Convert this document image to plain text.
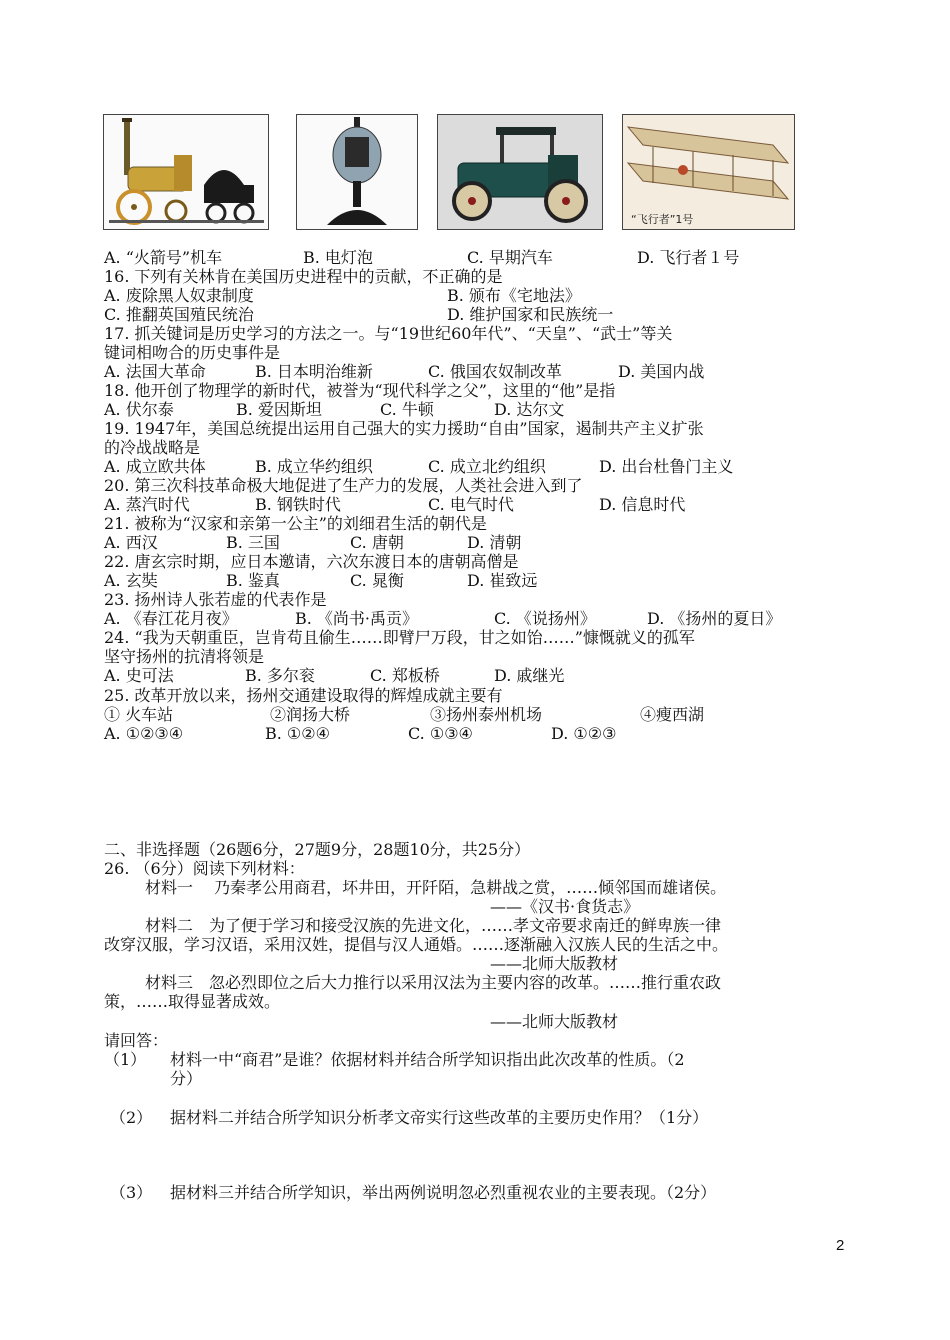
“飞行者”1号
A. “火箭号”机车	B. 电灯泡	C. 早期汽车	D. 飞行者１号
16. 下列有关林肯在美国历史进程中的贡献，不正确的是
A. 废除黑人奴隶制度	B. 颁布《宅地法》
C. 推翻英国殖民统治	D. 维护国家和民族统一
17. 抓关键词是历史学习的方法之一。与“19世纪60年代”、“天皇”、“武士”等关
键词相吻合的历史事件是
A. 法国大革命	B. 日本明治维新	C. 俄国农奴制改革	D. 美国内战
18. 他开创了物理学的新时代，被誉为“现代科学之父”，这里的“他”是指
A. 伏尔泰	B. 爱因斯坦	C. 牛顿	D. 达尔文
19. 1947年，美国总统提出运用自己强大的实力援助“自由”国家，遏制共产主义扩张
的冷战战略是
A. 成立欧共体	B. 成立华约组织	C. 成立北约组织	D. 出台杜鲁门主义
20. 第三次科技革命极大地促进了生产力的发展，人类社会进入到了
A. 蒸汽时代	B. 钢铁时代	C. 电气时代	D. 信息时代
21. 被称为“汉家和亲第一公主”的刘细君生活的朝代是
A. 西汉	B. 三国	C. 唐朝	D. 清朝
22. 唐玄宗时期，应日本邀请，六次东渡日本的唐朝高僧是
A. 玄奘	B. 鉴真	C. 晁衡	D. 崔致远
23. 扬州诗人张若虚的代表作是
A. 《春江花月夜》	B. 《尚书·禹贡》	C. 《说扬州》	D. 《扬州的夏日》
24. “我为天朝重臣，岂肯苟且偷生……即臂尸万段，甘之如饴……”慷慨就义的孤军
坚守扬州的抗清将领是
A. 史可法	B. 多尔衮	C. 郑板桥	D. 戚继光
25. 改革开放以来，扬州交通建设取得的辉煌成就主要有
① 火车站	②润扬大桥	③扬州泰州机场	④瘦西湖
A. ①②③④	B. ①②④	C. ①③④	D. ①②③
二、非选择题（26题6分，27题9分，28题10分，共25分）
26. （6分）阅读下列材料：
材料一　 乃秦孝公用商君，坏井田，开阡陌，急耕战之赏，……倾邻国而雄诸侯。
——《汉书·食货志》
材料二　为了便于学习和接受汉族的先进文化，……孝文帝要求南迁的鲜卑族一律
改穿汉服，学习汉语，采用汉姓，提倡与汉人通婚。……逐渐融入汉族人民的生活之中。
——北师大版教材
材料三　忽必烈即位之后大力推行以采用汉法为主要内容的改革。……推行重农政
策，……取得显著成效。
——北师大版教材
请回答：
（1） 材料一中“商君”是谁？依据材料并结合所学知识指出此次改革的性质。（2
分）
（2） 据材料二并结合所学知识分析孝文帝实行这些改革的主要历史作用？（1分）
（3） 据材料三并结合所学知识，举出两例说明忽必烈重视农业的主要表现。（2分）
2
